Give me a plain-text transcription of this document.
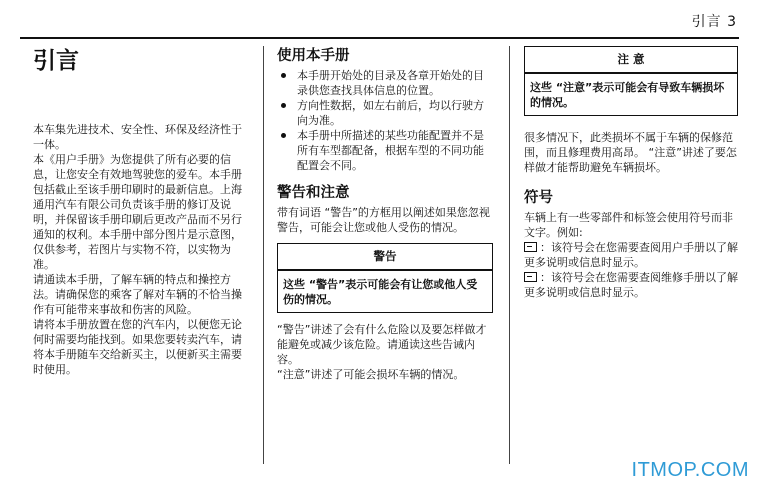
引言 3
引言

本车集先进技术、安全性、环保及经济性于一体。

本《用户手册》为您提供了所有必要的信息，让您安全有效地驾驶您的爱车。本手册包括截止至该手册印刷时的最新信息。上海通用汽车有限公司负责该手册的修订及说明，并保留该手册印刷后更改产品而不另行通知的权利。本手册中部分图片是示意图，仅供参考，若图片与实物不符，以实物为准。

请通读本手册，了解车辆的特点和操控方法。请确保您的乘客了解对车辆的不恰当操作有可能带来事故和伤害的风险。

请将本手册放置在您的汽车内，以便您无论何时需要均能找到。如果您要转卖汽车，请将本手册随车交给新买主，以便新买主需要时使用。

使用本手册
本手册开始处的目录及各章开始处的目录供您查找具体信息的位置。
方向性数据，如左右前后，均以行驶方向为准。
本手册中所描述的某些功能配置并不是所有车型都配备，根据车型的不同功能配置会不同。
警告和注意

带有词语 “警告”的方框用以阐述如果您忽视警告，可能会让您或他人受伤的情况。

警告
这些 “警告”表示可能会有让您或他人受伤的情况。

“警告”讲述了会有什么危险以及要怎样做才能避免或减少该危险。请通读这些告诫内容。

“注意”讲述了可能会损坏车辆的情况。

注 意
这些 “注意”表示可能会有导致车辆损坏的情况。

很多情况下，此类损坏不属于车辆的保修范围，而且修理费用高昂。 “注意”讲述了要怎样做才能帮助避免车辆损坏。

符号

车辆上有一些零部件和标签会使用符号而非文字。例如:

：该符号会在您需要查阅用户手册以了解更多说明或信息时显示。

：该符号会在您需要查阅维修手册以了解更多说明或信息时显示。

ITMOP.COM
